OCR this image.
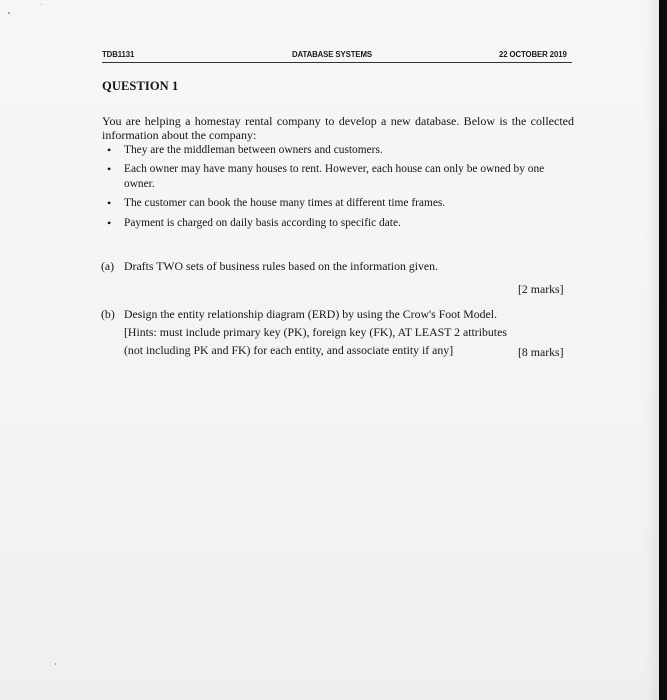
TDB1131	DATABASE SYSTEMS	22 OCTOBER 2019
QUESTION 1

You are helping a homestay rental company to develop a new database. Below is the collected information about the company:

• They are the middleman between owners and customers.
• Each owner may have many houses to rent. However, each house can only be owned by one owner.
• The customer can book the house many times at different time frames.
• Payment is charged on daily basis according to specific date.
(a) Drafts TWO sets of business rules based on the information given.
[2 marks]
(b) Design the entity relationship diagram (ERD) by using the Crow's Foot Model.
[Hints: must include primary key (PK), foreign key (FK), AT LEAST 2 attributes
(not including PK and FK) for each entity, and associate entity if any]	[8 marks]
